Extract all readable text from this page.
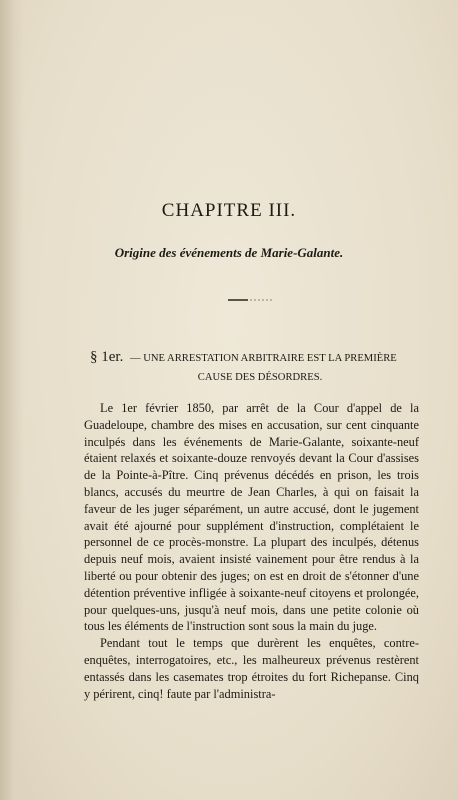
CHAPITRE III.
Origine des événements de Marie-Galante.
§ 1er. — UNE ARRESTATION ARBITRAIRE EST LA PREMIÈRE
CAUSE DES DÉSORDRES.

Le 1er février 1850, par arrêt de la Cour d'appel de la Guadeloupe, chambre des mises en accusation, sur cent cinquante inculpés dans les événements de Marie-Galante, soixante-neuf étaient relaxés et soixante-douze renvoyés devant la Cour d'assises de la Pointe-à-Pître. Cinq prévenus décédés en prison, les trois blancs, accusés du meurtre de Jean Charles, à qui on faisait la faveur de les juger séparément, un autre accusé, dont le jugement avait été ajourné pour supplément d'instruction, complétaient le personnel de ce procès-monstre. La plupart des inculpés, détenus depuis neuf mois, avaient insisté vainement pour être rendus à la liberté ou pour obtenir des juges; on est en droit de s'étonner d'une détention préventive infligée à soixante-neuf citoyens et prolongée, pour quelques-uns, jusqu'à neuf mois, dans une petite colonie où tous les éléments de l'instruction sont sous la main du juge.

Pendant tout le temps que durèrent les enquêtes, contre-enquêtes, interrogatoires, etc., les malheureux prévenus restèrent entassés dans les casemates trop étroites du fort Richepanse. Cinq y périrent, cinq! faute par l'administra-
